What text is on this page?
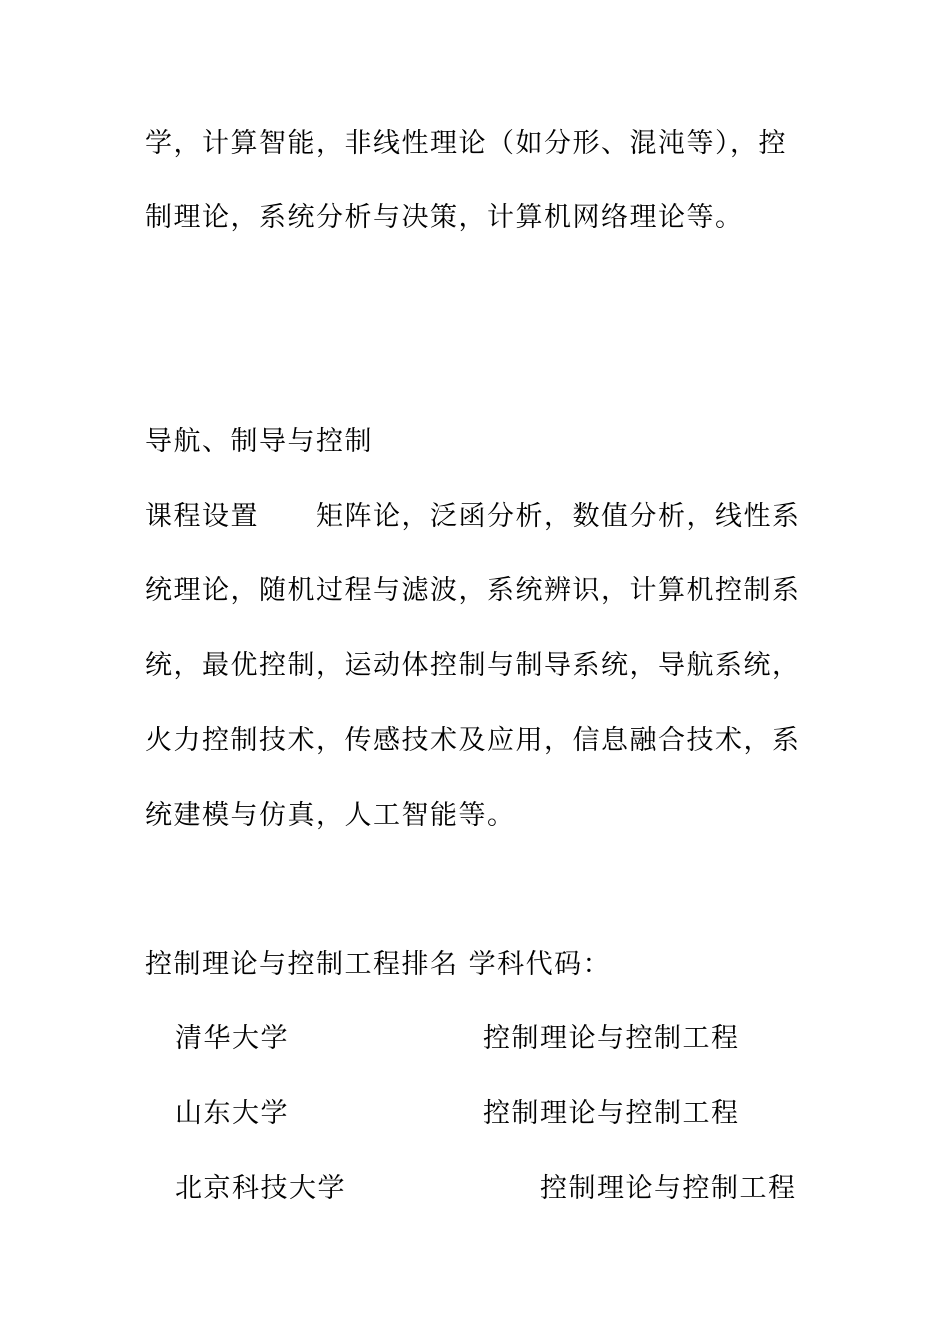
学，计算智能，非线性理论（如分形、混沌等），控
制理论，系统分析与决策，计算机网络理论等。
导航、制导与控制
课程设置 矩阵论，泛函分析，数值分析，线性系
统理论，随机过程与滤波，系统辨识，计算机控制系
统，最优控制，运动体控制与制导系统，导航系统，
火力控制技术，传感技术及应用，信息融合技术，系
统建模与仿真，人工智能等。
控制理论与控制工程排名 学科代码：
清华大学	控制理论与控制工程
山东大学	控制理论与控制工程
北京科技大学	控制理论与控制工程
